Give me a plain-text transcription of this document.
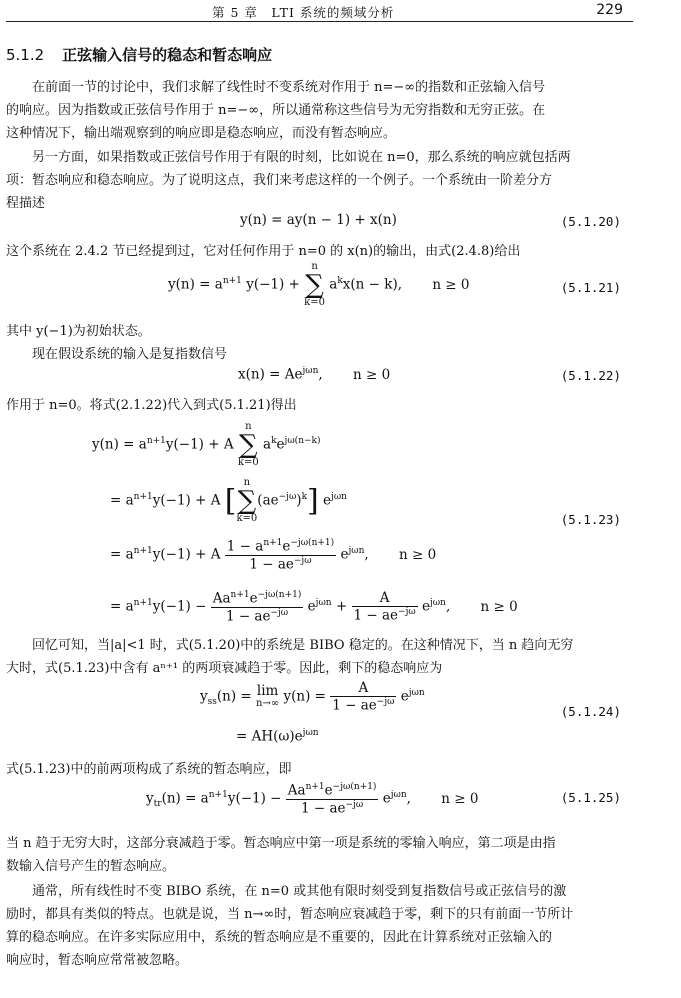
第 5 章　LTI 系统的频域分析	229
5.1.2 正弦输入信号的稳态和暂态响应
　　在前面一节的讨论中，我们求解了线性时不变系统对作用于 n=−∞的指数和正弦输入信号
的响应。因为指数或正弦信号作用于 n=−∞，所以通常称这些信号为无穷指数和无穷正弦。在
这种情况下，输出端观察到的响应即是稳态响应，而没有暂态响应。
　　另一方面，如果指数或正弦信号作用于有限的时刻，比如说在 n=0，那么系统的响应就包括两
项：暂态响应和稳态响应。为了说明这点，我们来考虑这样的一个例子。一个系统由一阶差分方
程描述
y(n) = ay(n − 1) + x(n)	(5.1.20)
这个系统在 2.4.2 节已经提到过，它对任何作用于 n=0 的 x(n)的输出，由式(2.4.8)给出
$y(n) = a^{n+1}$ y(−1) +
n
∑
k=0
$a^kx(n - k)$, n ≥ 0	(5.1.21)
其中 y(−1)为初始状态。
　　现在假设系统的输入是复指数信号
$x(n) = Ae^{j\omega n}$, n ≥ 0	(5.1.22)
作用于 n=0。将式(2.1.22)代入到式(5.1.21)得出
$y(n) = a^{n+1}y(-1) + A$
n
∑
k=0
$a^ke^{j\omega(n-k)}$
= $a^{n+1}y(-1) + A$ [
n
∑
k=0
$(ae^{-j\omega})^k$] $e^{j\omega n}$
(5.1.23)
= $a^{n+1}y(-1) + A \frac{1 - a^{n+1}e^{-j\omega(n+1)}}{1 - ae^{-j\omega}} e^{j\omega n}$, n ≥ 0
= $a^{n+1}y(-1) - \frac{Aa^{n+1}e^{-j\omega(n+1)}}{1 - ae^{-j\omega}} e^{j\omega n} + \frac{A}{1 - ae^{-j\omega}} e^{j\omega n}$, n ≥ 0
　　回忆可知，当|a|<1 时，式(5.1.20)中的系统是 BIBO 稳定的。在这种情况下，当 n 趋向无穷
大时，式(5.1.23)中含有 aⁿ⁺¹ 的两项衰减趋于零。因此，剩下的稳态响应为
$y_{ss}(n) = \lim$
n→∞ $y(n) = \frac{A}{1 - ae^{-j\omega}} e^{j\omega n}$
(5.1.24)
= $AH(\omega)e^{j\omega n}$
式(5.1.23)中的前两项构成了系统的暂态响应，即
$y_{tr}(n) = a^{n+1}y(-1) - \frac{Aa^{n+1}e^{-j\omega(n+1)}}{1 - ae^{-j\omega}} e^{j\omega n}$, n ≥ 0	(5.1.25)
当 n 趋于无穷大时，这部分衰减趋于零。暂态响应中第一项是系统的零输入响应，第二项是由指
数输入信号产生的暂态响应。
　　通常，所有线性时不变 BIBO 系统，在 n=0 或其他有限时刻受到复指数信号或正弦信号的激
励时，都具有类似的特点。也就是说，当 n→∞时，暂态响应衰减趋于零，剩下的只有前面一节所计
算的稳态响应。在许多实际应用中，系统的暂态响应是不重要的，因此在计算系统对正弦输入的
响应时，暂态响应常常被忽略。
